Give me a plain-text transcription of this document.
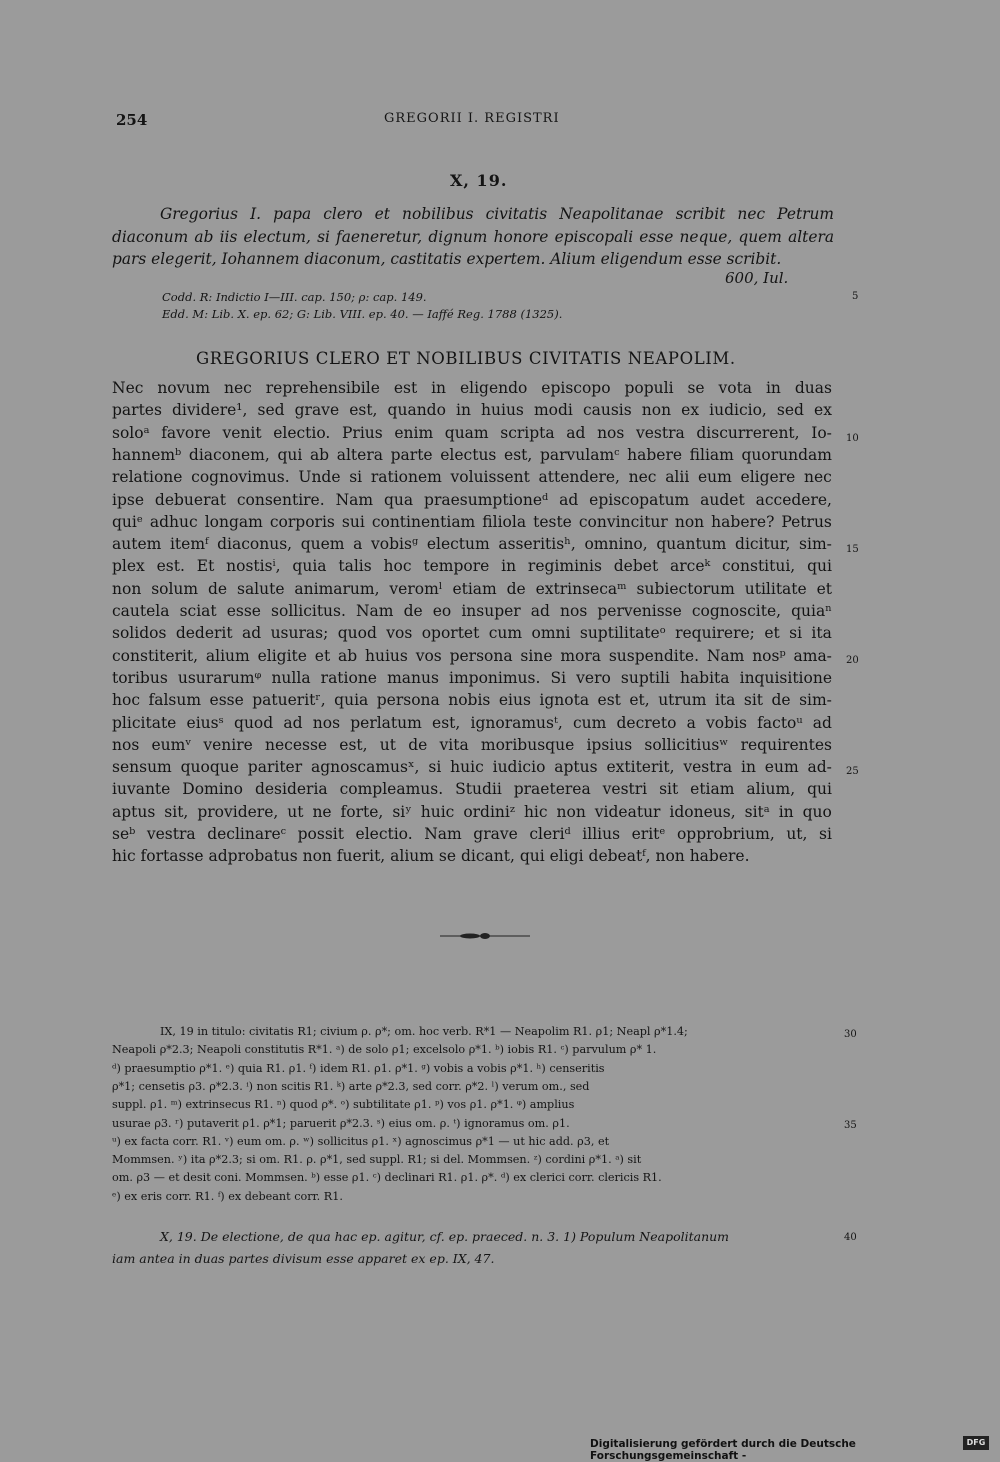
254	GREGORII I. REGISTRI
X, 19.
Gregorius I. papa clero et nobilibus civitatis Neapolitanae scribit nec Petrum diaconum ab iis electum, si faeneretur, dignum honore episcopali esse neque, quem altera pars elegerit, Iohannem diaconum, castitatis expertem. Alium eligendum esse scribit.
600, Iul.
Codd. R: Indictio I—III. cap. 150; ρ: cap. 149.
Edd. M: Lib. X. ep. 62; G: Lib. VIII. ep. 40. — Iaffé Reg. 1788 (1325).
5
GREGORIUS CLERO ET NOBILIBUS CIVITATIS NEAPOLIM.
Nec novum nec reprehensibile est in eligendo episcopo populi se vota in duas
partes dividere¹, sed grave est, quando in huius modi causis non ex iudicio, sed ex
soloᵃ favore venit electio. Prius enim quam scripta ad nos vestra discurrerent, Io-
hannemᵇ diaconem, qui ab altera parte electus est, parvulamᶜ habere filiam quorundam
relatione cognovimus. Unde si rationem voluissent attendere, nec alii eum eligere nec
ipse debuerat consentire. Nam qua praesumptioneᵈ ad episcopatum audet accedere,
quiᵉ adhuc longam corporis sui continentiam filiola teste convincitur non habere? Petrus
autem itemᶠ diaconus, quem a vobisᵍ electum asseritisʰ, omnino, quantum dicitur, sim-
plex est. Et nostisⁱ, quia talis hoc tempore in regiminis debet arceᵏ constitui, qui
non solum de salute animarum, veromˡ etiam de extrinsecaᵐ subiectorum utilitate et
cautela sciat esse sollicitus. Nam de eo insuper ad nos pervenisse cognoscite, quiaⁿ
solidos dederit ad usuras; quod vos oportet cum omni suptilitateᵒ requirere; et si ita
constiterit, alium eligite et ab huius vos persona sine mora suspendite. Nam nosᵖ ama-
toribus usurarumᵠ nulla ratione manus imponimus. Si vero suptili habita inquisitione
hoc falsum esse patueritʳ, quia persona nobis eius ignota est et, utrum ita sit de sim-
plicitate eiusˢ quod ad nos perlatum est, ignoramusᵗ, cum decreto a vobis factoᵘ ad
nos eumᵛ venire necesse est, ut de vita moribusque ipsius sollicitiusʷ requirentes
sensum quoque pariter agnoscamusˣ, si huic iudicio aptus extiterit, vestra in eum ad-
iuvante Domino desideria compleamus. Studii praeterea vestri sit etiam alium, qui
aptus sit, providere, ut ne forte, siʸ huic ordiniᶻ hic non videatur idoneus, sitᵃ in quo
seᵇ vestra declinareᶜ possit electio. Nam grave cleriᵈ illius eritᵉ opprobrium, ut, si
hic fortasse adprobatus non fuerit, alium se dicant, qui eligi debeatᶠ, non habere.
10
15
20
25
IX, 19 in titulo: civitatis R1; civium ρ. ρ*; om. hoc verb. R*1 — Neapolim R1. ρ1; Neapl ρ*1.4;
Neapoli ρ*2.3; Neapoli constitutis R*1. ᵃ) de solo ρ1; excelsolo ρ*1. ᵇ) iobis R1. ᶜ) parvulum ρ* 1.
ᵈ) praesumptio ρ*1. ᵉ) quia R1. ρ1. ᶠ) idem R1. ρ1. ρ*1. ᵍ) vobis a vobis ρ*1. ʰ) censeritis
ρ*1; censetis ρ3. ρ*2.3. ⁱ) non scitis R1. ᵏ) arte ρ*2.3, sed corr. ρ*2. ˡ) verum om., sed
suppl. ρ1. ᵐ) extrinsecus R1. ⁿ) quod ρ*. ᵒ) subtilitate ρ1. ᵖ) vos ρ1. ρ*1. ᵠ) amplius
usurae ρ3. ʳ) putaverit ρ1. ρ*1; paruerit ρ*2.3. ˢ) eius om. ρ. ᵗ) ignoramus om. ρ1.
ᵘ) ex facta corr. R1. ᵛ) eum om. ρ. ʷ) sollicitus ρ1. ˣ) agnoscimus ρ*1 — ut hic add. ρ3, et
Mommsen. ʸ) ita ρ*2.3; si om. R1. ρ. ρ*1, sed suppl. R1; si del. Mommsen. ᶻ) cordini ρ*1. ᵃ) sit
om. ρ3 — et desit coni. Mommsen. ᵇ) esse ρ1. ᶜ) declinari R1. ρ1. ρ*. ᵈ) ex clerici corr. clericis R1.
ᵉ) ex eris corr. R1. ᶠ) ex debeant corr. R1.
30
35
X, 19. De electione, de qua hac ep. agitur, cf. ep. praeced. n. 3. 1) Populum Neapolitanum
iam antea in duas partes divisum esse apparet ex ep. IX, 47.
40
Digitalisierung gefördert durch die Deutsche Forschungsgemeinschaft -
DFG
